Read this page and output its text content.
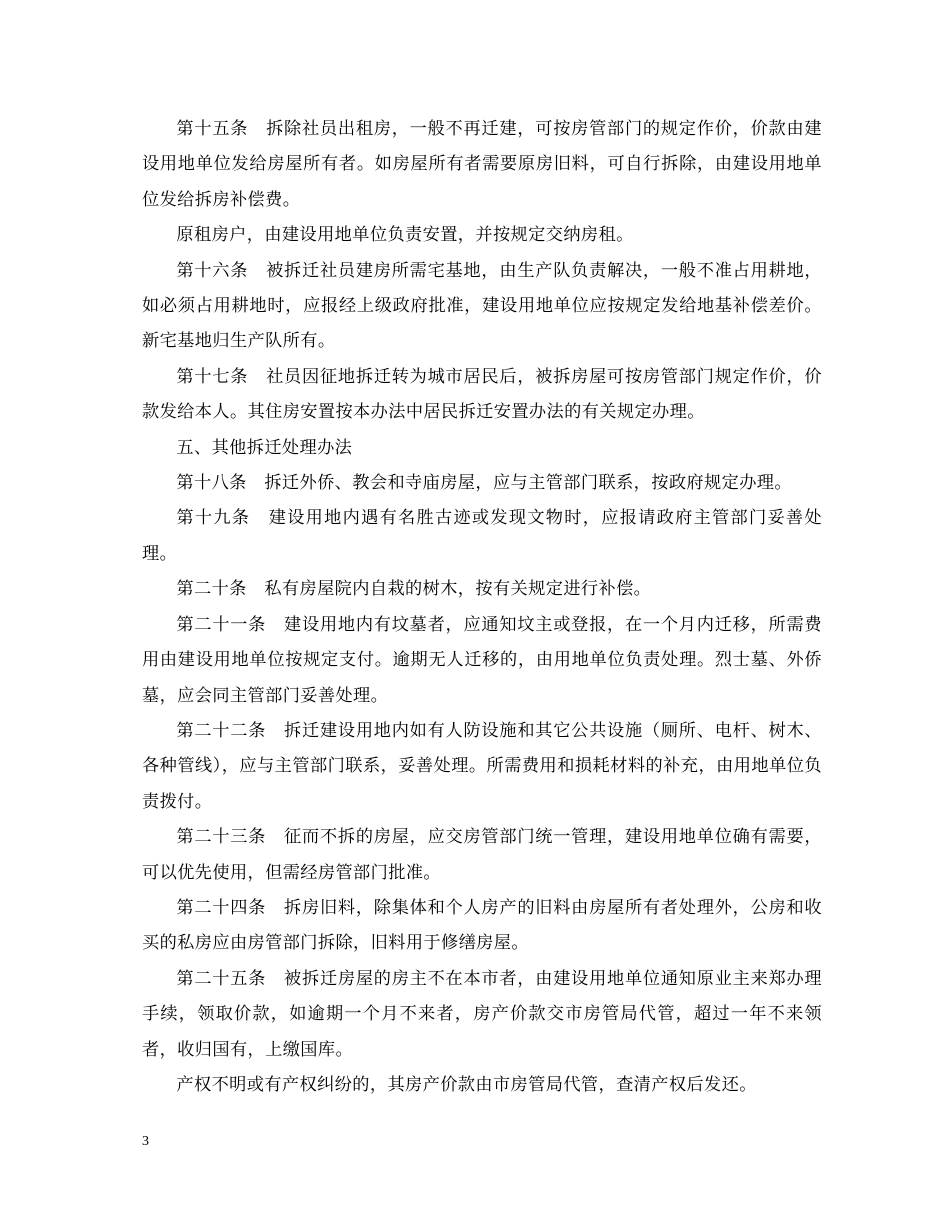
第十五条　拆除社员出租房，一般不再迁建，可按房管部门的规定作价，价款由建设用地单位发给房屋所有者。如房屋所有者需要原房旧料，可自行拆除，由建设用地单位发给拆房补偿费。

原租房户，由建设用地单位负责安置，并按规定交纳房租。

第十六条　被拆迁社员建房所需宅基地，由生产队负责解决，一般不准占用耕地，如必须占用耕地时，应报经上级政府批准，建设用地单位应按规定发给地基补偿差价。新宅基地归生产队所有。

第十七条　社员因征地拆迁转为城市居民后，被拆房屋可按房管部门规定作价，价款发给本人。其住房安置按本办法中居民拆迁安置办法的有关规定办理。

五、其他拆迁处理办法

第十八条　拆迁外侨、教会和寺庙房屋，应与主管部门联系，按政府规定办理。

第十九条　建设用地内遇有名胜古迹或发现文物时，应报请政府主管部门妥善处理。

第二十条　私有房屋院内自栽的树木，按有关规定进行补偿。

第二十一条　建设用地内有坟墓者，应通知坟主或登报，在一个月内迁移，所需费用由建设用地单位按规定支付。逾期无人迁移的，由用地单位负责处理。烈士墓、外侨墓，应会同主管部门妥善处理。

第二十二条　拆迁建设用地内如有人防设施和其它公共设施（厕所、电杆、树木、各种管线），应与主管部门联系，妥善处理。所需费用和损耗材料的补充，由用地单位负责拨付。

第二十三条　征而不拆的房屋，应交房管部门统一管理，建设用地单位确有需要，可以优先使用，但需经房管部门批准。

第二十四条　拆房旧料，除集体和个人房产的旧料由房屋所有者处理外，公房和收买的私房应由房管部门拆除，旧料用于修缮房屋。

第二十五条　被拆迁房屋的房主不在本市者，由建设用地单位通知原业主来郑办理手续，领取价款，如逾期一个月不来者，房产价款交市房管局代管，超过一年不来领者，收归国有，上缴国库。

产权不明或有产权纠纷的，其房产价款由市房管局代管，查清产权后发还。

3
